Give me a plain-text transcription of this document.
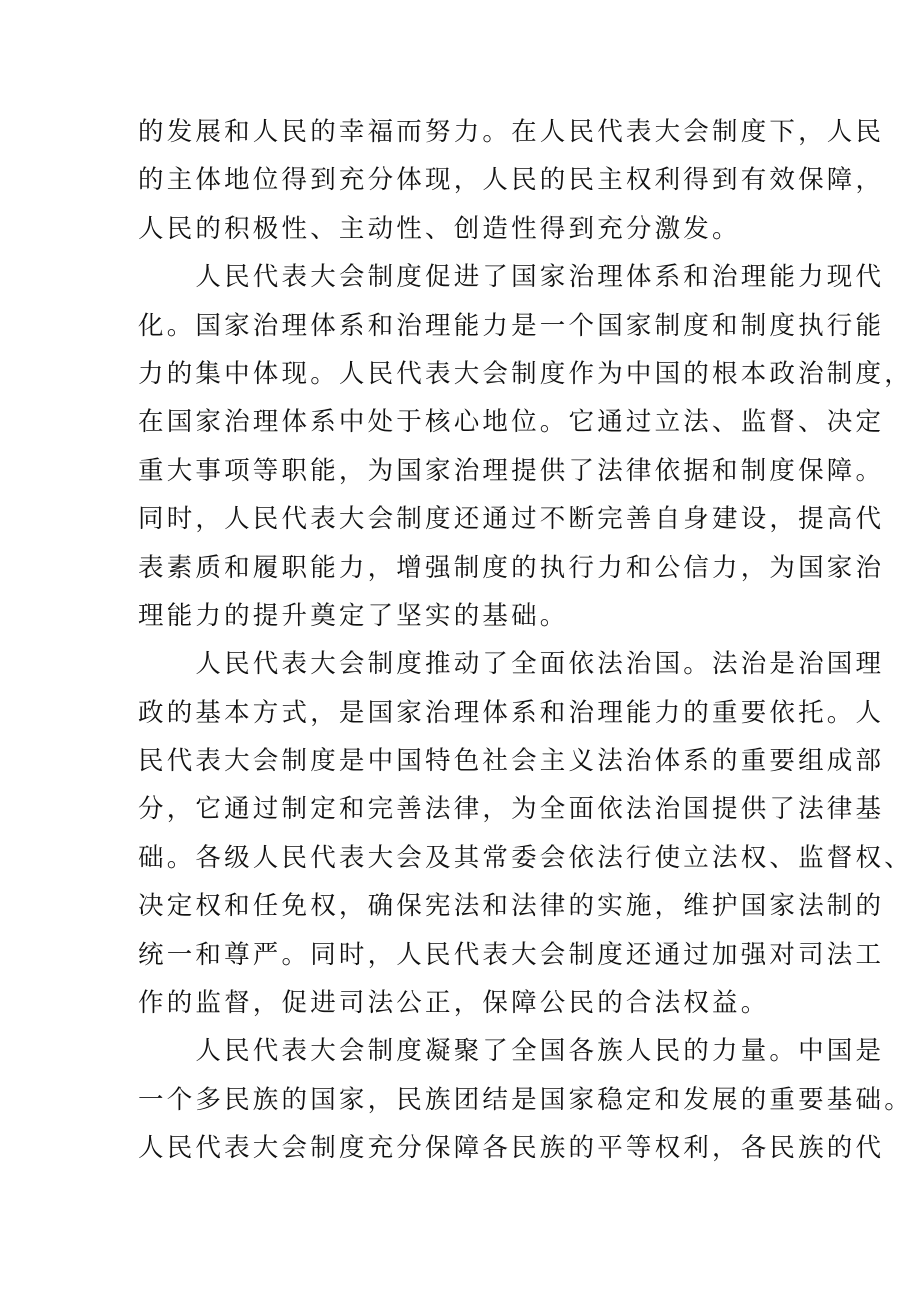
的发展和人民的幸福而努力。在人民代表大会制度下，人民
的主体地位得到充分体现，人民的民主权利得到有效保障，
人民的积极性、主动性、创造性得到充分激发。
　　人民代表大会制度促进了国家治理体系和治理能力现代
化。国家治理体系和治理能力是一个国家制度和制度执行能
力的集中体现。人民代表大会制度作为中国的根本政治制度，
在国家治理体系中处于核心地位。它通过立法、监督、决定
重大事项等职能，为国家治理提供了法律依据和制度保障。
同时，人民代表大会制度还通过不断完善自身建设，提高代
表素质和履职能力，增强制度的执行力和公信力，为国家治
理能力的提升奠定了坚实的基础。
　　人民代表大会制度推动了全面依法治国。法治是治国理
政的基本方式，是国家治理体系和治理能力的重要依托。人
民代表大会制度是中国特色社会主义法治体系的重要组成部
分，它通过制定和完善法律，为全面依法治国提供了法律基
础。各级人民代表大会及其常委会依法行使立法权、监督权、
决定权和任免权，确保宪法和法律的实施，维护国家法制的
统一和尊严。同时，人民代表大会制度还通过加强对司法工
作的监督，促进司法公正，保障公民的合法权益。
　　人民代表大会制度凝聚了全国各族人民的力量。中国是
一个多民族的国家，民族团结是国家稳定和发展的重要基础。
人民代表大会制度充分保障各民族的平等权利，各民族的代
